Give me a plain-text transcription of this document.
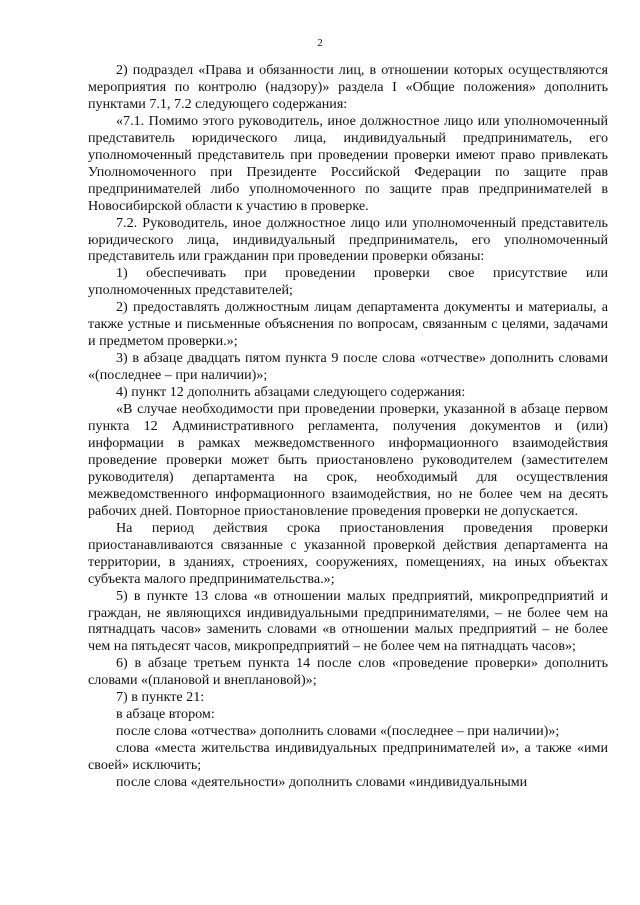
2

2) подраздел «Права и обязанности лиц, в отношении которых осуществляются мероприятия по контролю (надзору)» раздела I «Общие положения» дополнить пунктами 7.1, 7.2 следующего содержания:

«7.1. Помимо этого руководитель, иное должностное лицо или уполномоченный представитель юридического лица, индивидуальный предприниматель, его уполномоченный представитель при проведении проверки имеют право привлекать Уполномоченного при Президенте Российской Федерации по защите прав предпринимателей либо уполномоченного по защите прав предпринимателей в Новосибирской области к участию в проверке.

7.2. Руководитель, иное должностное лицо или уполномоченный представитель юридического лица, индивидуальный предприниматель, его уполномоченный представитель или гражданин при проведении проверки обязаны:

1) обеспечивать при проведении проверки свое присутствие или уполномоченных представителей;

2) предоставлять должностным лицам департамента документы и материалы, а также устные и письменные объяснения по вопросам, связанным с целями, задачами и предметом проверки.»;

3) в абзаце двадцать пятом пункта 9 после слова «отчестве» дополнить словами «(последнее – при наличии)»;

4) пункт 12 дополнить абзацами следующего содержания:

«В случае необходимости при проведении проверки, указанной в абзаце первом пункта 12 Административного регламента, получения документов и (или) информации в рамках межведомственного информационного взаимодействия проведение проверки может быть приостановлено руководителем (заместителем руководителя) департамента на срок, необходимый для осуществления межведомственного информационного взаимодействия, но не более чем на десять рабочих дней. Повторное приостановление проведения проверки не допускается.

На период действия срока приостановления проведения проверки приостанавливаются связанные с указанной проверкой действия департамента на территории, в зданиях, строениях, сооружениях, помещениях, на иных объектах субъекта малого предпринимательства.»;

5) в пункте 13 слова «в отношении малых предприятий, микропредприятий и граждан, не являющихся индивидуальными предпринимателями, – не более чем на пятнадцать часов» заменить словами «в отношении малых предприятий – не более чем на пятьдесят часов, микропредприятий – не более чем на пятнадцать часов»;

6) в абзаце третьем пункта 14 после слов «проведение проверки» дополнить словами «(плановой и внеплановой)»;

7) в пункте 21:

в абзаце втором:

после слова «отчества» дополнить словами «(последнее – при наличии)»;

слова «места жительства индивидуальных предпринимателей и», а также «ими своей» исключить;

после слова «деятельности» дополнить словами «индивидуальными
